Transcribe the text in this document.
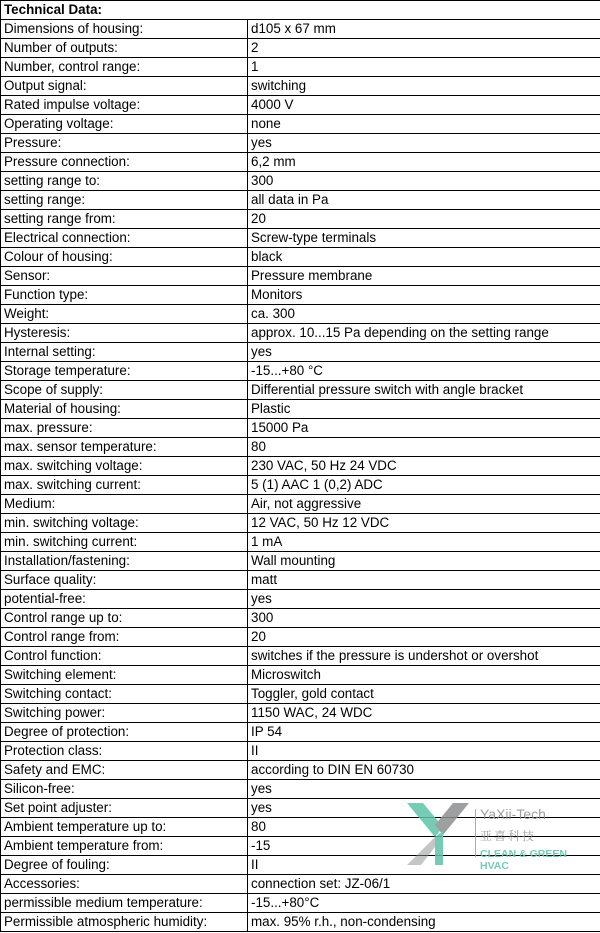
Technical Data:	
Dimensions of housing:	d105 x 67 mm
Number of outputs:	2
Number, control range:	1
Output signal:	switching
Rated impulse voltage:	4000 V
Operating voltage:	none
Pressure:	yes
Pressure connection:	6,2 mm
setting range to:	300
setting range:	all data in Pa
setting range from:	20
Electrical connection:	Screw-type terminals
Colour of housing:	black
Sensor:	Pressure membrane
Function type:	Monitors
Weight:	ca. 300
Hysteresis:	approx. 10...15 Pa depending on the setting range
Internal setting:	yes
Storage temperature:	-15...+80 °C
Scope of supply:	Differential pressure switch with angle bracket
Material of housing:	Plastic
max. pressure:	15000 Pa
max. sensor temperature:	80
max. switching voltage:	230 VAC, 50 Hz 24 VDC
max. switching current:	5 (1) AAC 1 (0,2) ADC
Medium:	Air, not aggressive
min. switching voltage:	12 VAC, 50 Hz 12 VDC
min. switching current:	1 mA
Installation/fastening:	Wall mounting
Surface quality:	matt
potential-free:	yes
Control range up to:	300
Control range from:	20
Control function:	switches if the pressure is undershot or overshot
Switching element:	Microswitch
Switching contact:	Toggler, gold contact
Switching power:	1150 WAC, 24 WDC
Degree of protection:	IP 54
Protection class:	II
Safety and EMC:	according to DIN EN 60730
Silicon-free:	yes
Set point adjuster:	yes
Ambient temperature up to:	80
Ambient temperature from:	-15
Degree of fouling:	II
Accessories:	connection set: JZ-06/1
permissible medium temperature:	-15...+80°C
Permissible atmospheric humidity:	max. 95% r.h., non-condensing
YaXii-Tech
亚喜科技
CLEAN & GREEN HVAC
